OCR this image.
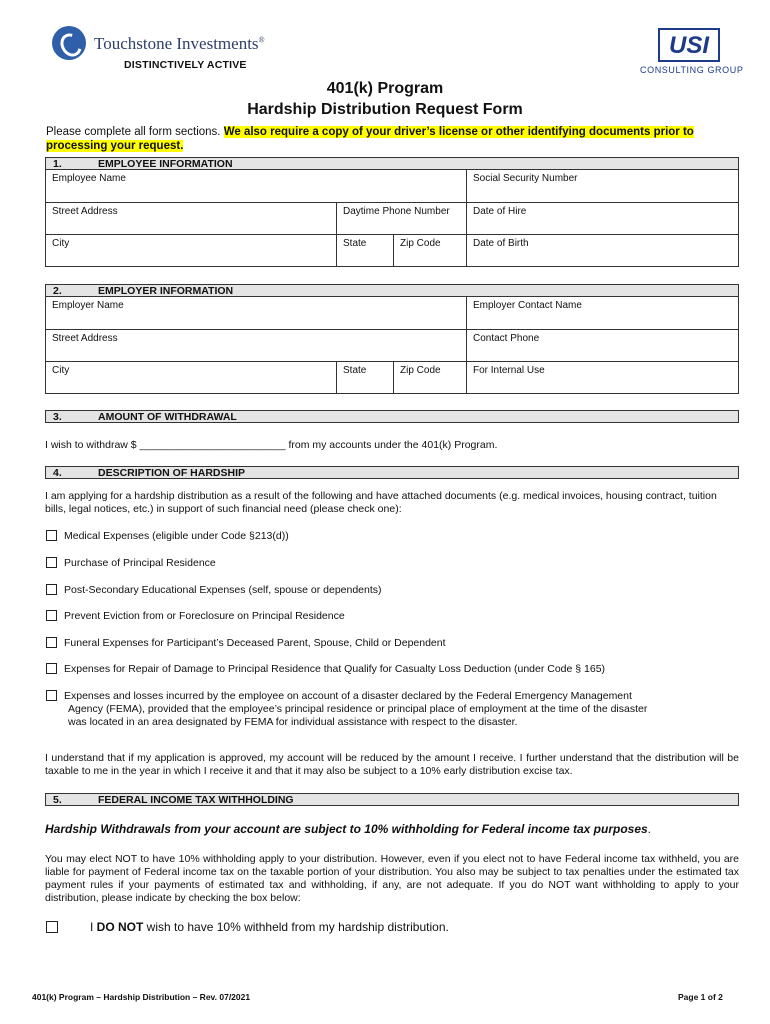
Touchstone Investments®
DISTINCTIVELY ACTIVE
USI
CONSULTING GROUP
401(k) Program
Hardship Distribution Request Form
Please complete all form sections. We also require a copy of your driver’s license or other identifying documents prior to processing your request.
1.	EMPLOYEE INFORMATION
Employee Name	Social Security Number
Street Address	Daytime Phone Number	Date of Hire
City	State	Zip Code	Date of Birth
2.	EMPLOYER INFORMATION
Employer Name	Employer Contact Name
Street Address	Contact Phone
City	State	Zip Code	For Internal Use
3.	AMOUNT OF WITHDRAWAL
I wish to withdraw $ _________________________ from my accounts under the 401(k) Program.
4.	DESCRIPTION OF HARDSHIP
I am applying for a hardship distribution as a result of the following and have attached documents (e.g. medical invoices, housing contract, tuition bills, legal notices, etc.) in support of such financial need (please check one):
Medical Expenses (eligible under Code §213(d))
Purchase of Principal Residence
Post-Secondary Educational Expenses (self, spouse or dependents)
Prevent Eviction from or Foreclosure on Principal Residence
Funeral Expenses for Participant’s Deceased Parent, Spouse, Child or Dependent
Expenses for Repair of Damage to Principal Residence that Qualify for Casualty Loss Deduction (under Code § 165)
Expenses and losses incurred by the employee on account of a disaster declared by the Federal Emergency Management
Agency (FEMA), provided that the employee’s principal residence or principal place of employment at the time of the disaster
was located in an area designated by FEMA for individual assistance with respect to the disaster.
I understand that if my application is approved, my account will be reduced by the amount I receive. I further understand that the distribution will be taxable to me in the year in which I receive it and that it may also be subject to a 10% early distribution excise tax.
5.	FEDERAL INCOME TAX WITHHOLDING
Hardship Withdrawals from your account are subject to 10% withholding for Federal income tax purposes.
You may elect NOT to have 10% withholding apply to your distribution. However, even if you elect not to have Federal income tax withheld, you are liable for payment of Federal income tax on the taxable portion of your distribution. You also may be subject to tax penalties under the estimated tax payment rules if your payments of estimated tax and withholding, if any, are not adequate. If you do NOT want withholding to apply to your distribution, please indicate by checking the box below:
I DO NOT wish to have 10% withheld from my hardship distribution.
401(k) Program – Hardship Distribution – Rev. 07/2021	Page 1 of 2
